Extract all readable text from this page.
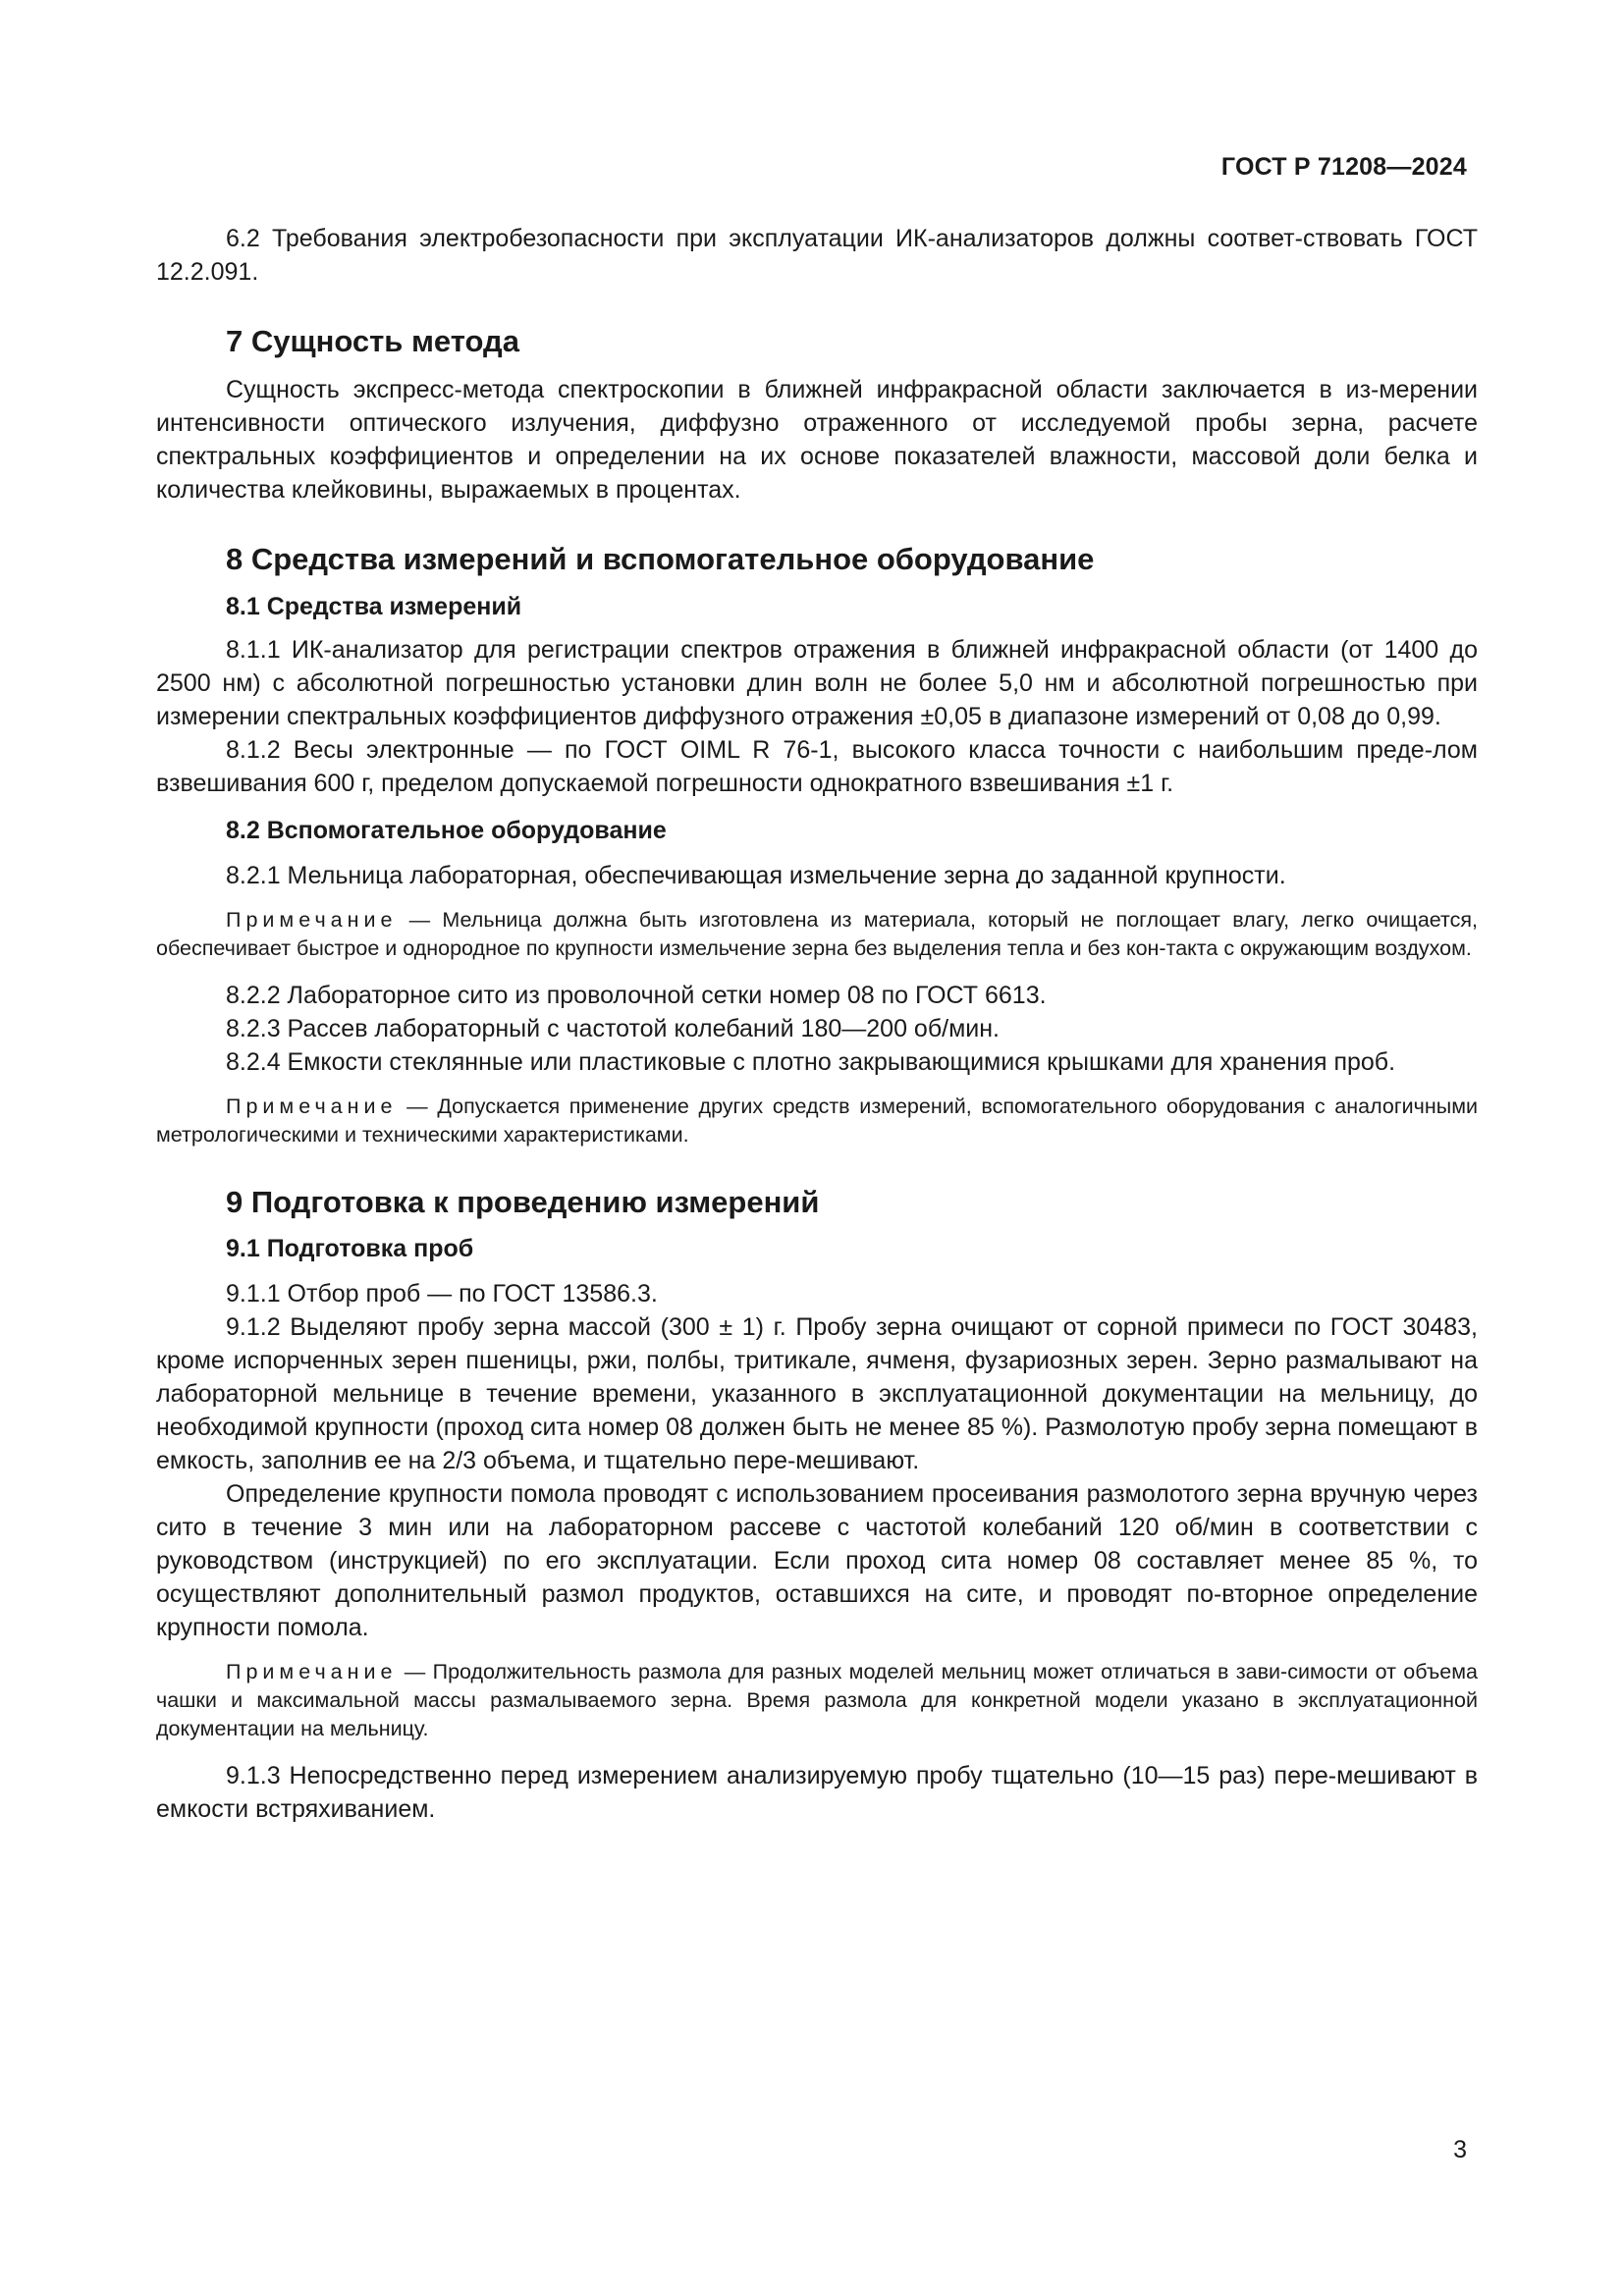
ГОСТ Р 71208—2024

6.2 Требования электробезопасности при эксплуатации ИК-анализаторов должны соответ-ствовать ГОСТ 12.2.091.

7 Сущность метода

Сущность экспресс-метода спектроскопии в ближней инфракрасной области заключается в из-мерении интенсивности оптического излучения, диффузно отраженного от исследуемой пробы зерна, расчете спектральных коэффициентов и определении на их основе показателей влажности, массовой доли белка и количества клейковины, выражаемых в процентах.

8 Средства измерений и вспомогательное оборудование

8.1 Средства измерений

8.1.1 ИК-анализатор для регистрации спектров отражения в ближней инфракрасной области (от 1400 до 2500 нм) с абсолютной погрешностью установки длин волн не более 5,0 нм и абсолютной погрешностью при измерении спектральных коэффициентов диффузного отражения ±0,05 в диапазоне измерений от 0,08 до 0,99.

8.1.2 Весы электронные — по ГОСТ OIML R 76-1, высокого класса точности с наибольшим преде-лом взвешивания 600 г, пределом допускаемой погрешности однократного взвешивания ±1 г.

8.2 Вспомогательное оборудование

8.2.1 Мельница лабораторная, обеспечивающая измельчение зерна до заданной крупности.

Примечание — Мельница должна быть изготовлена из материала, который не поглощает влагу, легко очищается, обеспечивает быстрое и однородное по крупности измельчение зерна без выделения тепла и без кон-такта с окружающим воздухом.

8.2.2 Лабораторное сито из проволочной сетки номер 08 по ГОСТ 6613.

8.2.3 Рассев лабораторный с частотой колебаний 180—200 об/мин.

8.2.4 Емкости стеклянные или пластиковые с плотно закрывающимися крышками для хранения проб.

Примечание — Допускается применение других средств измерений, вспомогательного оборудования с аналогичными метрологическими и техническими характеристиками.

9 Подготовка к проведению измерений

9.1 Подготовка проб

9.1.1 Отбор проб — по ГОСТ 13586.3.

9.1.2 Выделяют пробу зерна массой (300 ± 1) г. Пробу зерна очищают от сорной примеси по ГОСТ 30483, кроме испорченных зерен пшеницы, ржи, полбы, тритикале, ячменя, фузариозных зерен. Зерно размалывают на лабораторной мельнице в течение времени, указанного в эксплуатационной документации на мельницу, до необходимой крупности (проход сита номер 08 должен быть не менее 85 %). Размолотую пробу зерна помещают в емкость, заполнив ее на 2/3 объема, и тщательно пере-мешивают.

Определение крупности помола проводят с использованием просеивания размолотого зерна вручную через сито в течение 3 мин или на лабораторном рассеве с частотой колебаний 120 об/мин в соответствии с руководством (инструкцией) по его эксплуатации. Если проход сита номер 08 составляет менее 85 %, то осуществляют дополнительный размол продуктов, оставшихся на сите, и проводят по-вторное определение крупности помола.

Примечание — Продолжительность размола для разных моделей мельниц может отличаться в зави-симости от объема чашки и максимальной массы размалываемого зерна. Время размола для конкретной модели указано в эксплуатационной документации на мельницу.

9.1.3 Непосредственно перед измерением анализируемую пробу тщательно (10—15 раз) пере-мешивают в емкости встряхиванием.

3
